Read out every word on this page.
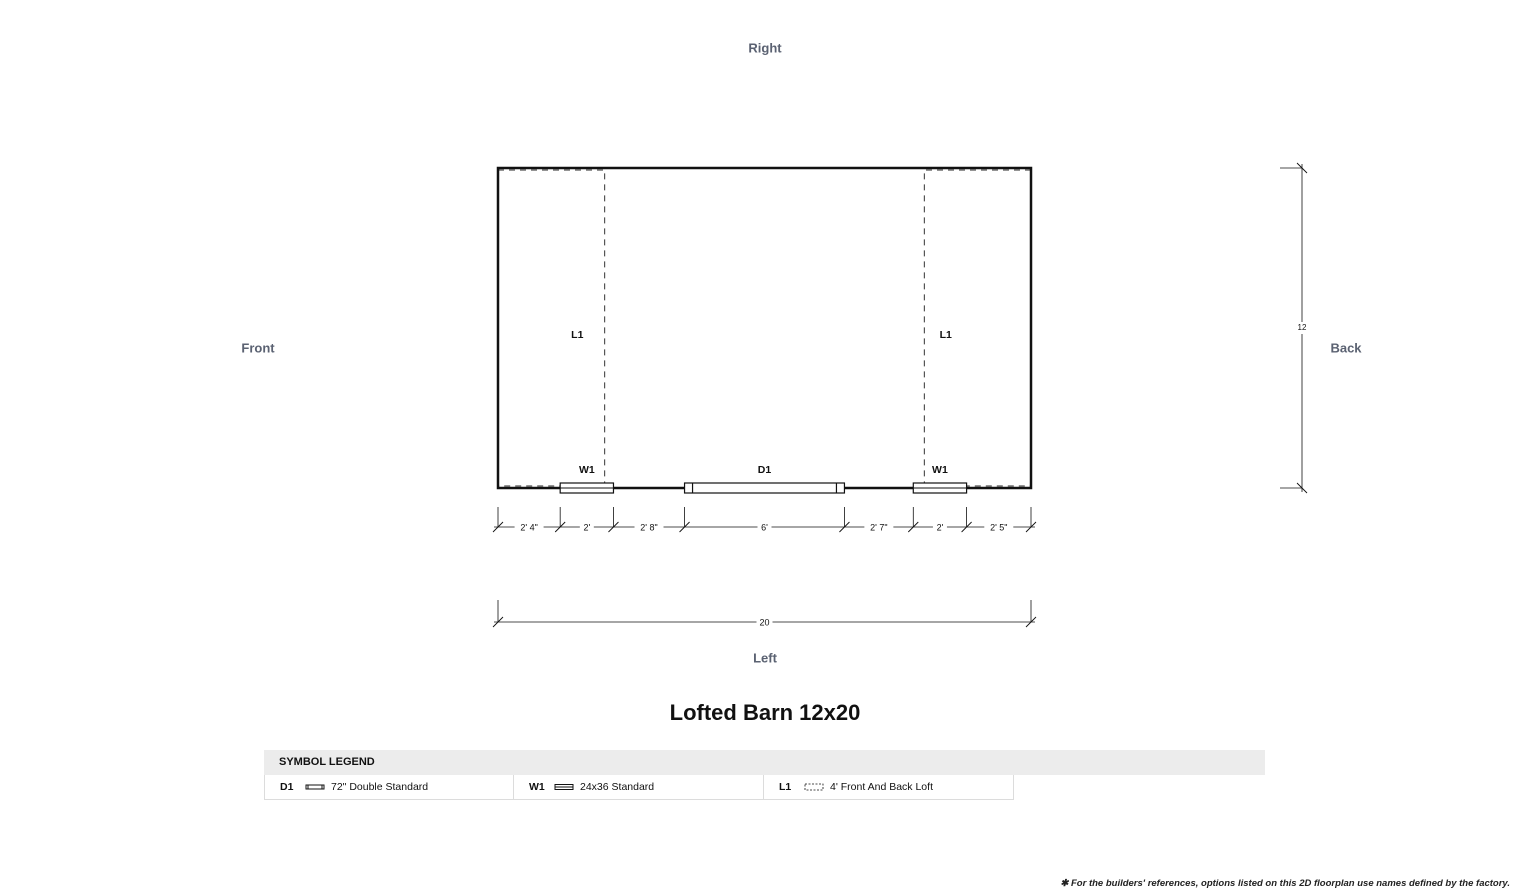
Right
Front	Back
Left
L1	L1
W1	D1	W1
2' 4"	2'	2' 8"	6'	2' 7"	2'	2' 5"
20
12
Lofted Barn 12x20
SYMBOL LEGEND
D1	72" Double Standard	W1	24x36 Standard	L1	4' Front And Back Loft
✱ For the builders' references, options listed on this 2D floorplan use names defined by the factory.
